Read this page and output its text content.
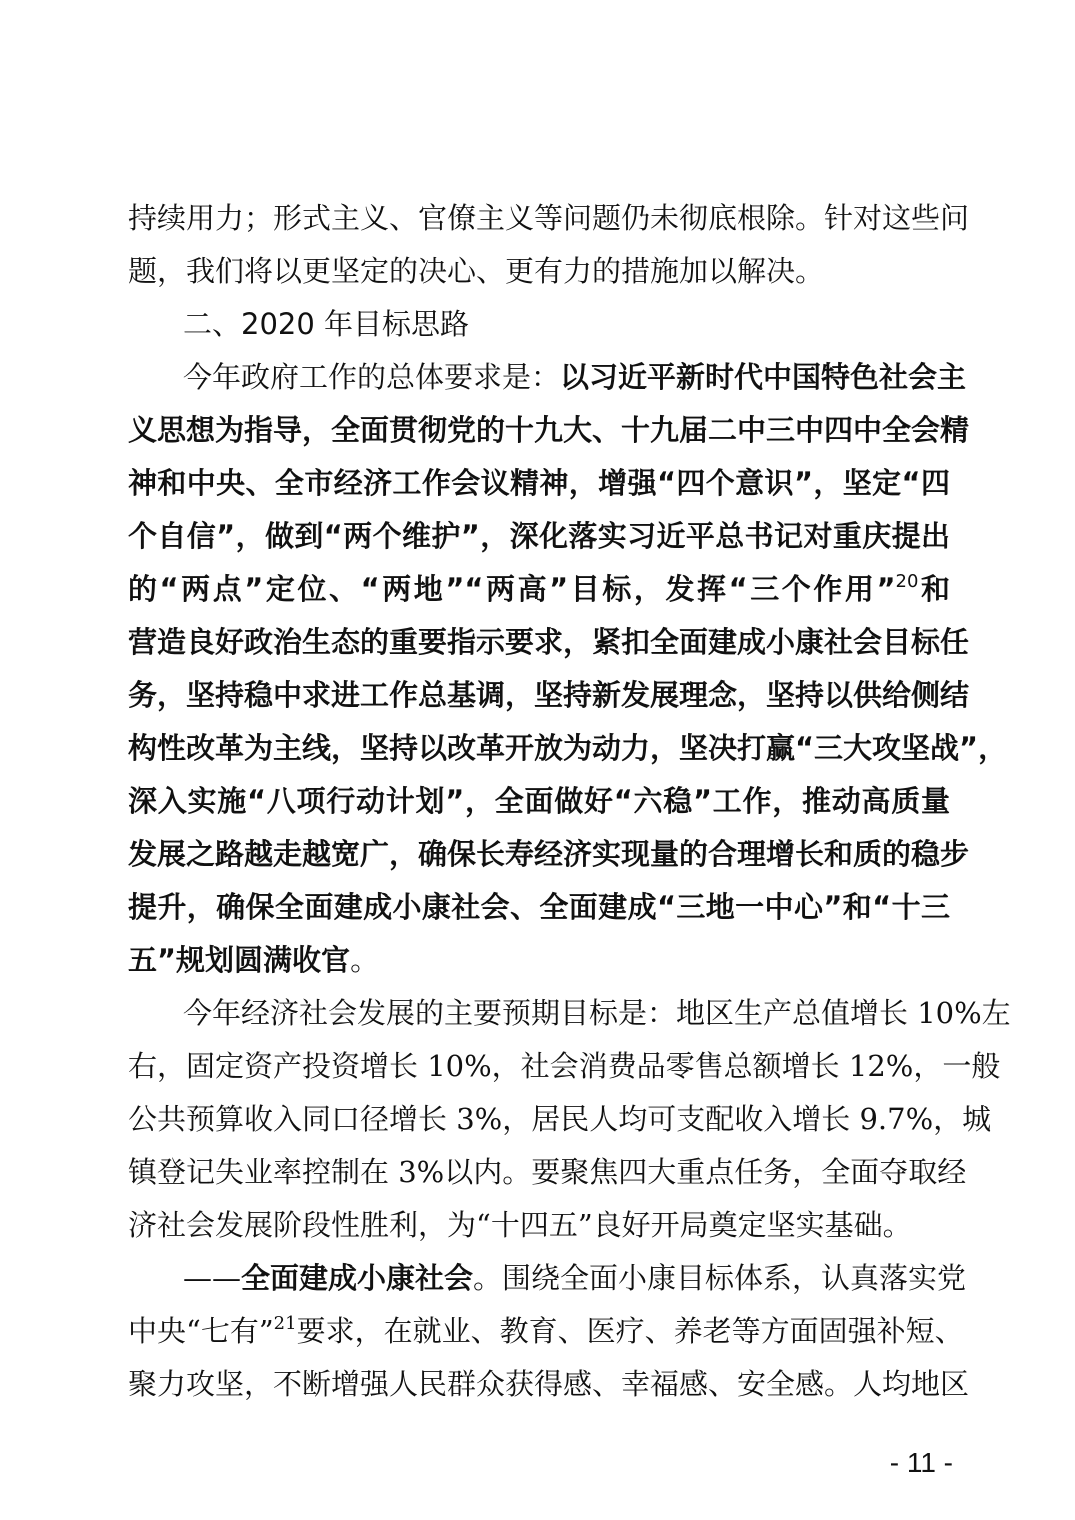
持续用力；形式主义、官僚主义等问题仍未彻底根除。针对这些问
题，我们将以更坚定的决心、更有力的措施加以解决。
二、2020 年目标思路
今年政府工作的总体要求是：以习近平新时代中国特色社会主
义思想为指导，全面贯彻党的十九大、十九届二中三中四中全会精
神和中央、全市经济工作会议精神，增强“四个意识”，坚定“四
个自信”，做到“两个维护”，深化落实习近平总书记对重庆提出
的“两点”定位、“两地”“两高”目标，发挥“三个作用”$^{20}$和
营造良好政治生态的重要指示要求，紧扣全面建成小康社会目标任
务，坚持稳中求进工作总基调，坚持新发展理念，坚持以供给侧结
构性改革为主线，坚持以改革开放为动力，坚决打赢“三大攻坚战”，
深入实施“八项行动计划”，全面做好“六稳”工作，推动高质量
发展之路越走越宽广，确保长寿经济实现量的合理增长和质的稳步
提升，确保全面建成小康社会、全面建成“三地一中心”和“十三
五”规划圆满收官。
今年经济社会发展的主要预期目标是：地区生产总值增长 10%左
右，固定资产投资增长 10%，社会消费品零售总额增长 12%，一般
公共预算收入同口径增长 3%，居民人均可支配收入增长 9.7%，城
镇登记失业率控制在 3%以内。要聚焦四大重点任务，全面夺取经
济社会发展阶段性胜利，为“十四五”良好开局奠定坚实基础。
——全面建成小康社会。围绕全面小康目标体系，认真落实党
中央“七有”$^{21}$要求，在就业、教育、医疗、养老等方面固强补短、
聚力攻坚，不断增强人民群众获得感、幸福感、安全感。人均地区
- 11 -
